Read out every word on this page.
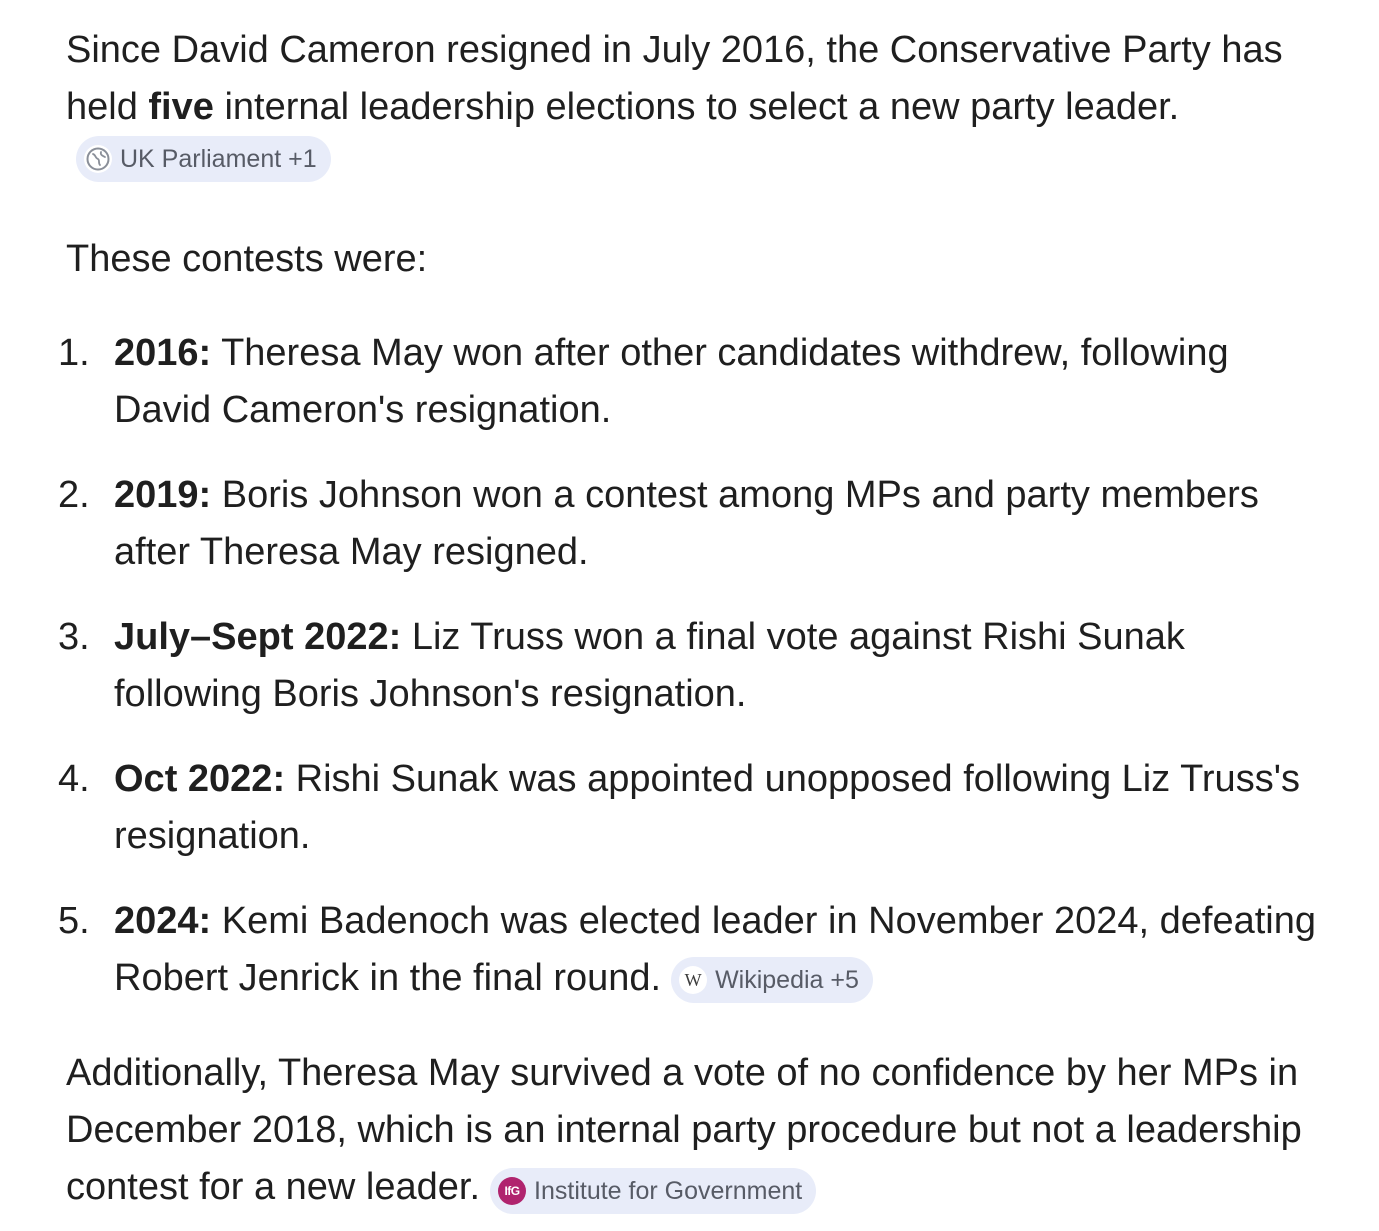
Since David Cameron resigned in July 2016, the Conservative Party has held five internal leadership elections to select a new party leader.
UK Parliament +1

These contests were:

1. 2016: Theresa May won after other candidates withdrew, following David Cameron's resignation.
2. 2019: Boris Johnson won a contest among MPs and party members after Theresa May resigned.
3. July–Sept 2022: Liz Truss won a final vote against Rishi Sunak following Boris Johnson's resignation.
4. Oct 2022: Rishi Sunak was appointed unopposed following Liz Truss's resignation.
5. 2024: Kemi Badenoch was elected leader in November 2024, defeating Robert Jenrick in the final round.	W Wikipedia +5

Additionally, Theresa May survived a vote of no confidence by her MPs in December 2018, which is an internal party procedure but not a leadership contest for a new leader.	IfG Institute for Government
